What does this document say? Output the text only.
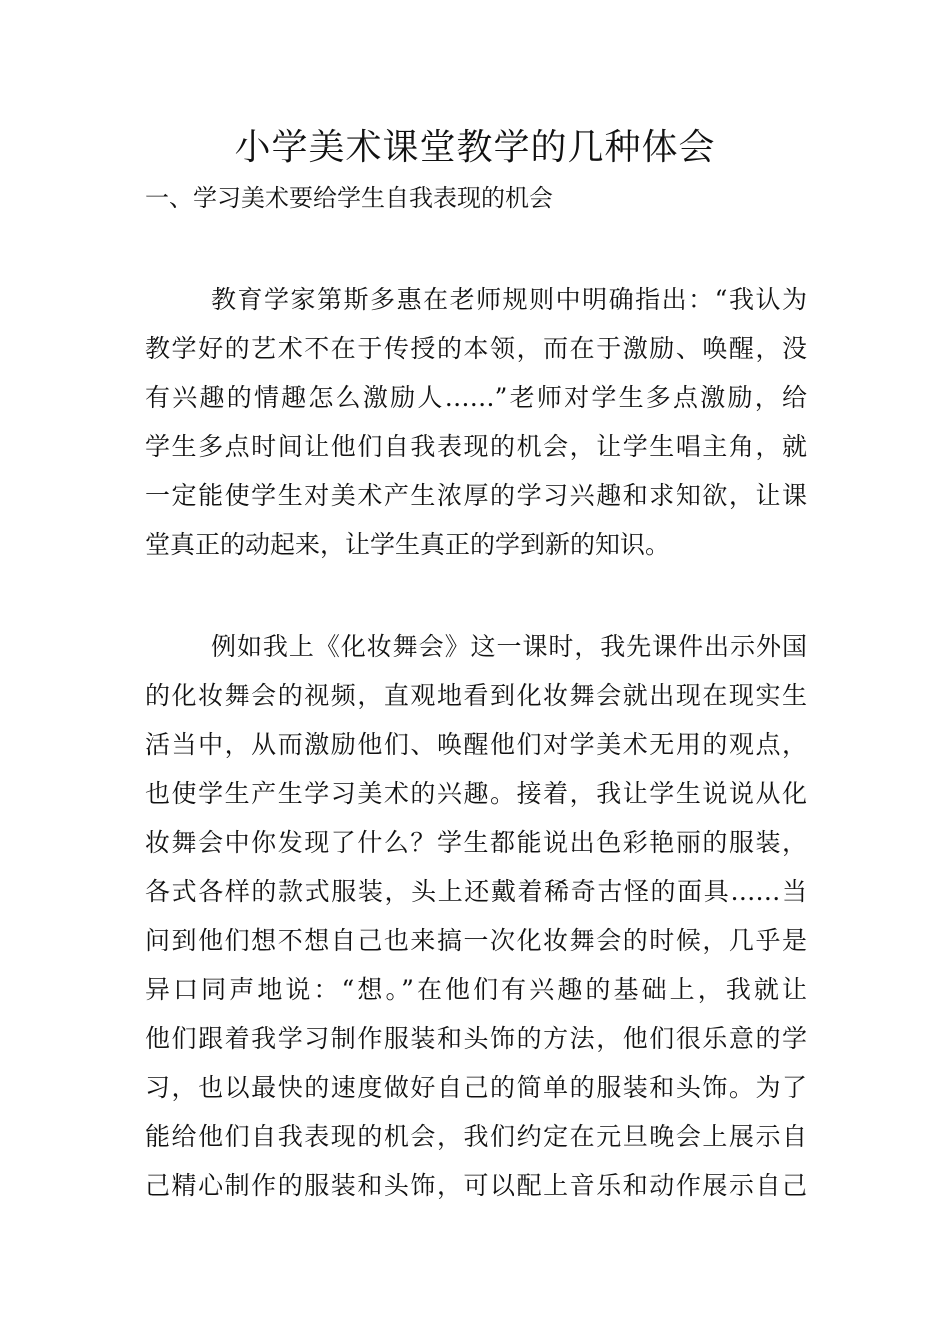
小学美术课堂教学的几种体会
一、学习美术要给学生自我表现的机会
教育学家第斯多惠在老师规则中明确指出：“我认为
教学好的艺术不在于传授的本领，而在于激励、唤醒，没
有兴趣的情趣怎么激励人……”老师对学生多点激励，给
学生多点时间让他们自我表现的机会，让学生唱主角，就
一定能使学生对美术产生浓厚的学习兴趣和求知欲，让课
堂真正的动起来，让学生真正的学到新的知识。
例如我上《化妆舞会》这一课时，我先课件出示外国
的化妆舞会的视频，直观地看到化妆舞会就出现在现实生
活当中，从而激励他们、唤醒他们对学美术无用的观点，
也使学生产生学习美术的兴趣。接着，我让学生说说从化
妆舞会中你发现了什么？学生都能说出色彩艳丽的服装，
各式各样的款式服装，头上还戴着稀奇古怪的面具……当
问到他们想不想自己也来搞一次化妆舞会的时候，几乎是
异口同声地说：“想。”在他们有兴趣的基础上，我就让
他们跟着我学习制作服装和头饰的方法，他们很乐意的学
习，也以最快的速度做好自己的简单的服装和头饰。为了
能给他们自我表现的机会，我们约定在元旦晚会上展示自
己精心制作的服装和头饰，可以配上音乐和动作展示自己
